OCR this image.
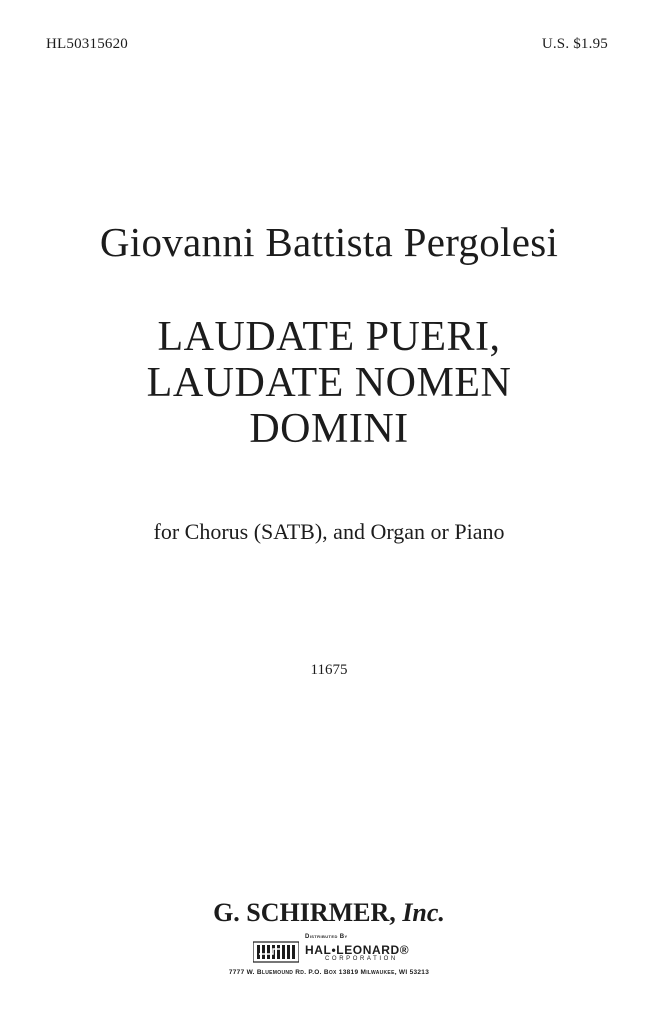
HL50315620	U.S. $1.95
Giovanni Battista Pergolesi
LAUDATE PUERI,
LAUDATE NOMEN
DOMINI
for Chorus (SATB), and Organ or Piano
11675
G. SCHIRMER, Inc.
Distributed By
HAL•LEONARD®
CORPORATION
7777 W. Bluemound Rd. P.O. Box 13819 Milwaukee, WI 53213
